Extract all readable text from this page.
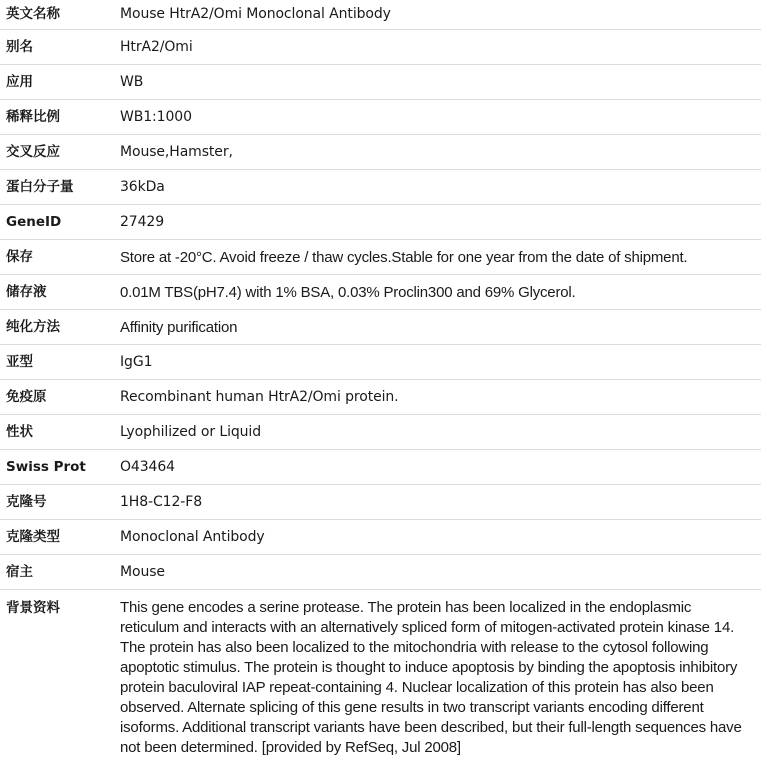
英文名称	Mouse HtrA2/Omi Monoclonal Antibody
别名	HtrA2/Omi
应用	WB
稀释比例	WB1:1000
交叉反应	Mouse,Hamster,
蛋白分子量	36kDa
GeneID	27429
保存	Store at -20°C. Avoid freeze / thaw cycles.Stable for one year from the date of shipment.
储存液	0.01M TBS(pH7.4) with 1% BSA, 0.03% Proclin300 and 69% Glycerol.
纯化方法	Affinity purification
亚型	IgG1
免疫原	Recombinant human HtrA2/Omi protein.
性状	Lyophilized or Liquid
Swiss Prot	O43464
克隆号	1H8-C12-F8
克隆类型	Monoclonal Antibody
宿主	Mouse
背景资料	This gene encodes a serine protease. The protein has been localized in the endoplasmic reticulum and interacts with an alternatively spliced form of mitogen-activated protein kinase 14. The protein has also been localized to the mitochondria with release to the cytosol following apoptotic stimulus. The protein is thought to induce apoptosis by binding the apoptosis inhibitory protein baculoviral IAP repeat-containing 4. Nuclear localization of this protein has also been observed. Alternate splicing of this gene results in two transcript variants encoding different isoforms. Additional transcript variants have been described, but their full-length sequences have not been determined. [provided by RefSeq, Jul 2008]
